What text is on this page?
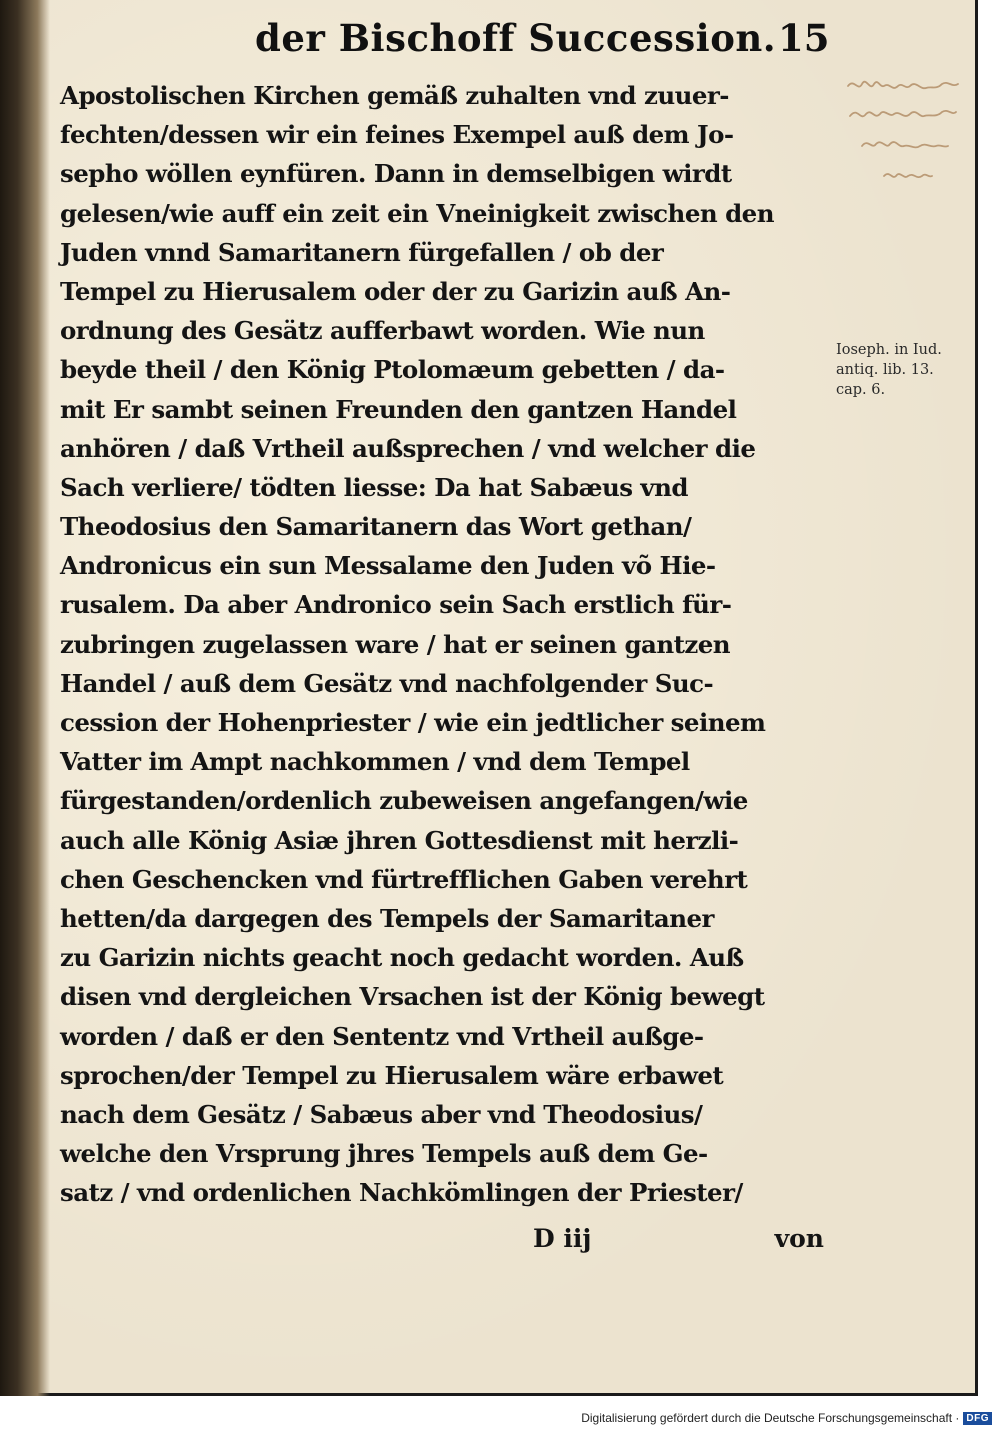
der Bischoff Succession. 15
Apostolischen Kirchen gemäß zuhalten vnd zuuer-
fechten/dessen wir ein feines Exempel auß dem Jo-
sepho wöllen eynfüren. Dann in demselbigen wirdt
gelesen/wie auff ein zeit ein Vneinigkeit zwischen den
Juden vnnd Samaritanern fürgefallen / ob der
Tempel zu Hierusalem oder der zu Garizin auß An-
ordnung des Gesätz aufferbawt worden. Wie nun
beyde theil / den König Ptolomæum gebetten / da-
mit Er sambt seinen Freunden den gantzen Handel
anhören / daß Vrtheil außsprechen / vnd welcher die
Sach verliere/ tödten liesse: Da hat Sabæus vnd
Theodosius den Samaritanern das Wort gethan/
Andronicus ein sun Messalame den Juden võ Hie-
rusalem. Da aber Andronico sein Sach erstlich für-
zubringen zugelassen ware / hat er seinen gantzen
Handel / auß dem Gesätz vnd nachfolgender Suc-
cession der Hohenpriester / wie ein jedtlicher seinem
Vatter im Ampt nachkommen / vnd dem Tempel
fürgestanden/ordenlich zubeweisen angefangen/wie
auch alle König Asiæ jhren Gottesdienst mit herzli-
chen Geschencken vnd fürtrefflichen Gaben verehrt
hetten/da dargegen des Tempels der Samaritaner
zu Garizin nichts geacht noch gedacht worden. Auß
disen vnd dergleichen Vrsachen ist der König bewegt
worden / daß er den Sententz vnd Vrtheil außge-
sprochen/der Tempel zu Hierusalem wäre erbawet
nach dem Gesätz / Sabæus aber vnd Theodosius/
welche den Vrsprung jhres Tempels auß dem Ge-
satz / vnd ordenlichen Nachkömlingen der Priester/
D iij	von
Ioseph. in Iud.
antiq. lib. 13.
cap. 6.
Digitalisierung gefördert durch die Deutsche Forschungsgemeinschaft · DFG
